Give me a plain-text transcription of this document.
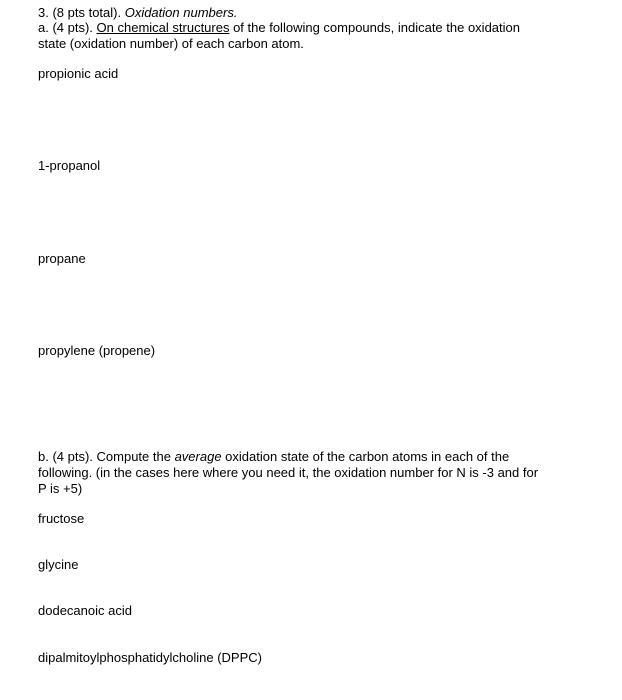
3. (8 pts total). Oxidation numbers.
a. (4 pts). On chemical structures of the following compounds, indicate the oxidation
state (oxidation number) of each carbon atom.
propionic acid
1-propanol
propane
propylene (propene)
b. (4 pts). Compute the average oxidation state of the carbon atoms in each of the
following. (in the cases here where you need it, the oxidation number for N is -3 and for
P is +5)
fructose
glycine
dodecanoic acid
dipalmitoylphosphatidylcholine (DPPC)
